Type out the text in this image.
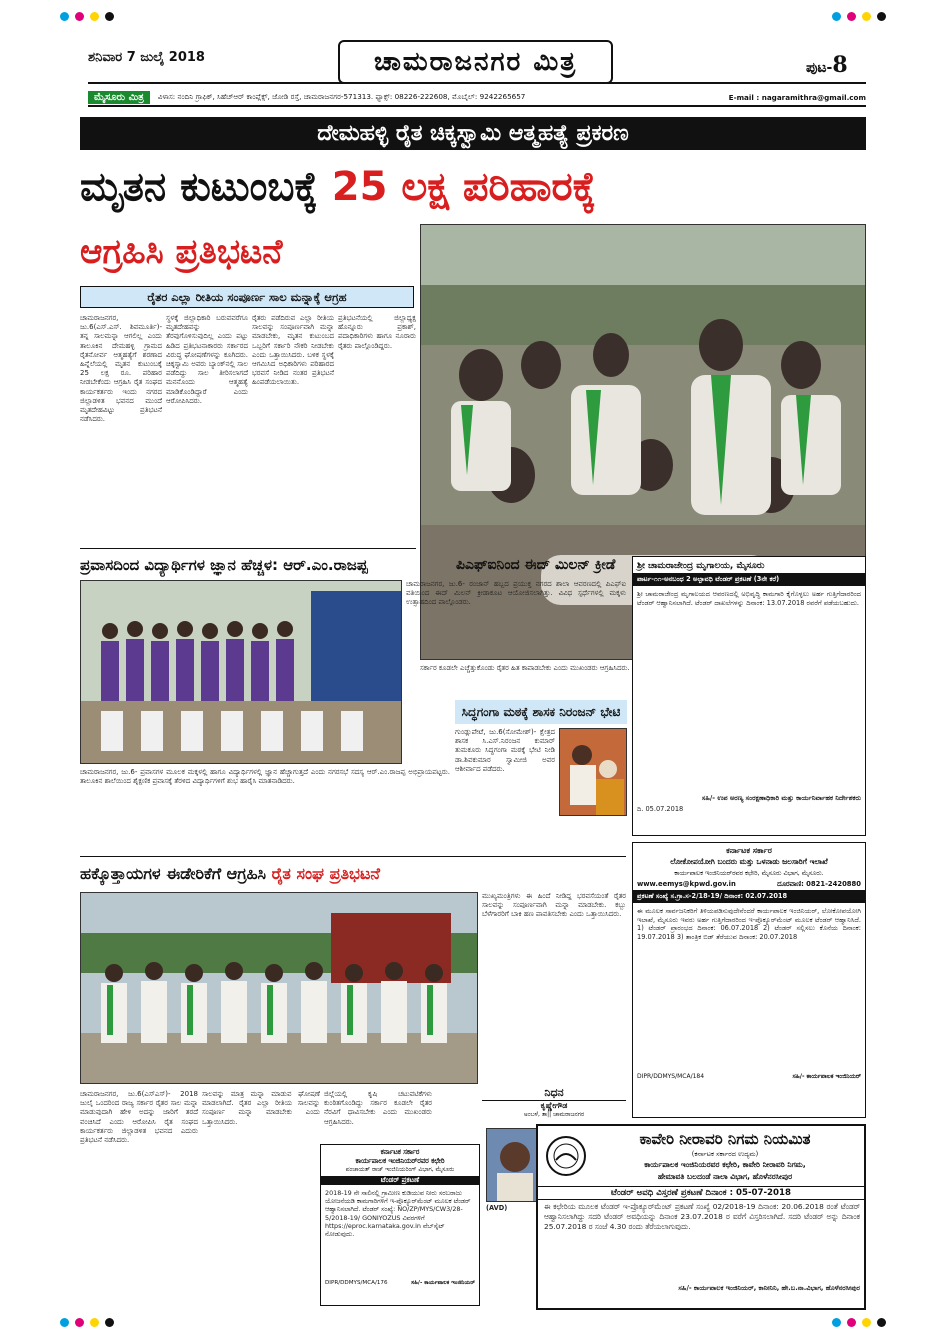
ಶನಿವಾರ 7 ಜುಲೈ 2018	ಚಾಮರಾಜನಗರ ಮಿತ್ರ	ಪುಟ-8
ಮೈಸೂರು ಮಿತ್ರ	ವಿಳಾಸ: ನಂದಿನಿ ಗ್ರಾಫಿಕ್, ಸಿಹೆಚ್‌ಆರ್ ಕಾಂಪ್ಲೆಕ್ಸ್, ಜೋಡಿ ರಸ್ತೆ, ಚಾಮರಾಜನಗರ-571313. ಫ್ಯಾಕ್ಸ್: 08226-222608, ಮೊಬೈಲ್: 9242265657	E-mail : nagaramithra@gmail.com
ದೇಮಹಳ್ಳಿ ರೈತ ಚಿಕ್ಕಸ್ವಾಮಿ ಆತ್ಮಹತ್ಯೆ ಪ್ರಕರಣ
ಮೃತನ ಕುಟುಂಬಕ್ಕೆ 25 ಲಕ್ಷ ಪರಿಹಾರಕ್ಕೆ
ಆಗ್ರಹಿಸಿ ಪ್ರತಿಭಟನೆ
ರೈತರ ಎಲ್ಲಾ ರೀತಿಯ ಸಂಪೂರ್ಣ ಸಾಲ ಮನ್ನಾಕ್ಕೆ ಆಗ್ರಹ
ಚಾಮರಾಜನಗರ, ಜು.6(ಎಸ್.ಎಸ್. ಶಿವಮೂರ್ತಿ)- ತನ್ನ ಸಾಲಮನ್ನಾ ಆಗಲಿಲ್ಲ ಎಂದು ತಾಲೂಕಿನ ದೇಮಹಳ್ಳಿ ಗ್ರಾಮದ ರೈತನೋರ್ವ ಆತ್ಮಹತ್ಯೆಗೆ ಶರಣಾದ ಹಿನ್ನೆಲೆಯಲ್ಲಿ ಮೃತನ ಕುಟುಂಬಕ್ಕೆ 25 ಲಕ್ಷ ರೂ. ಪರಿಹಾರ ನೀಡಬೇಕೆಂದು ಆಗ್ರಹಿಸಿ ರೈತ ಸಂಘದ ಕಾರ್ಯಕರ್ತರು ಇಂದು ನಗರದ ಜಿಲ್ಲಾಡಳಿತ ಭವನದ ಮುಂದೆ ಮೃತದೇಹವಿಟ್ಟು ಪ್ರತಿಭಟನೆ ನಡೆಸಿದರು.
ಸ್ಥಳಕ್ಕೆ ಜಿಲ್ಲಾಧಿಕಾರಿ ಬರುವವರೆಗೂ ಮೃತದೇಹವನ್ನು ತೆರವುಗೊಳಿಸುವುದಿಲ್ಲ ಎಂದು ಪಟ್ಟು ಹಿಡಿದ ಪ್ರತಿಭಟನಾಕಾರರು ಸರ್ಕಾರದ ವಿರುದ್ಧ ಘೋಷಣೆಗಳನ್ನು ಕೂಗಿದರು. ಚಿಕ್ಕಸ್ವಾಮಿ ಅವರು ಬ್ಯಾಂಕ್‌ನಲ್ಲಿ ಸಾಲ ಪಡೆದಿದ್ದು ಸಾಲ ತೀರಿಸಲಾಗದೆ ಮನನೊಂದು ಆತ್ಮಹತ್ಯೆ ಮಾಡಿಕೊಂಡಿದ್ದಾರೆ ಎಂದು ಆರೋಪಿಸಿದರು.
ರೈತರು ಪಡೆದಿರುವ ಎಲ್ಲಾ ರೀತಿಯ ಸಾಲವನ್ನು ಸಂಪೂರ್ಣವಾಗಿ ಮನ್ನಾ ಮಾಡಬೇಕು, ಮೃತನ ಕುಟುಂಬದ ಒಬ್ಬರಿಗೆ ಸರ್ಕಾರಿ ನೌಕರಿ ನೀಡಬೇಕು ಎಂದು ಒತ್ತಾಯಿಸಿದರು. ಬಳಿಕ ಸ್ಥಳಕ್ಕೆ ಆಗಮಿಸಿದ ಅಧಿಕಾರಿಗಳು ಪರಿಹಾರದ ಭರವಸೆ ನೀಡಿದ ನಂತರ ಪ್ರತಿಭಟನೆ ಹಿಂಪಡೆಯಲಾಯಿತು.
ಪ್ರತಿಭಟನೆಯಲ್ಲಿ ಜಿಲ್ಲಾಧ್ಯಕ್ಷ ಹೊನ್ನೂರು ಪ್ರಕಾಶ್, ಪದಾಧಿಕಾರಿಗಳು ಹಾಗೂ ನೂರಾರು ರೈತರು ಪಾಲ್ಗೊಂಡಿದ್ದರು.
ಸರ್ಕಾರ ಕೂಡಲೇ ಎಚ್ಚೆತ್ತುಕೊಂಡು ರೈತರ ಹಿತ ಕಾಪಾಡಬೇಕು ಎಂದು ಮುಖಂಡರು ಆಗ್ರಹಿಸಿದರು.
ಪ್ರವಾಸದಿಂದ ವಿದ್ಯಾರ್ಥಿಗಳ ಜ್ಞಾನ ಹೆಚ್ಚಳ: ಆರ್.ಎಂ.ರಾಜಪ್ಪ	ಪಿಎಫ್‌ಐನಿಂದ ಈದ್ ಮಿಲನ್ ಕ್ರೀಡೆ
ಚಾಮರಾಜನಗರ, ಜು.6- ಪ್ರವಾಸಗಳ ಮೂಲಕ ಮಕ್ಕಳಲ್ಲಿ ಹಾಗೂ ವಿದ್ಯಾರ್ಥಿಗಳಲ್ಲಿ ಜ್ಞಾನ ಹೆಚ್ಚಾಗುತ್ತದೆ ಎಂದು ನಗರಸಭೆ ಸದಸ್ಯ ಆರ್.ಎಂ.ರಾಜಪ್ಪ ಅಭಿಪ್ರಾಯಪಟ್ಟರು. ತಾಲೂಕಿನ ಶಾಲೆಯಿಂದ ಶೈಕ್ಷಣಿಕ ಪ್ರವಾಸಕ್ಕೆ ತೆರಳಿದ ವಿದ್ಯಾರ್ಥಿಗಳಿಗೆ ಶುಭ ಹಾರೈಸಿ ಮಾತನಾಡಿದರು.
ಚಾಮರಾಜನಗರ, ಜು.6- ರಂಜಾನ್ ಹಬ್ಬದ ಪ್ರಯುಕ್ತ ನಗರದ ಶಾಲಾ ಆವರಣದಲ್ಲಿ ಪಿಎಫ್‌ಐ ವತಿಯಿಂದ ಈದ್ ಮಿಲನ್ ಕ್ರೀಡಾಕೂಟ ಆಯೋಜಿಸಲಾಗಿತ್ತು. ವಿವಿಧ ಸ್ಪರ್ಧೆಗಳಲ್ಲಿ ಮಕ್ಕಳು ಉತ್ಸಾಹದಿಂದ ಪಾಲ್ಗೊಂಡರು.
ಸಿದ್ಧಗಂಗಾ ಮಠಕ್ಕೆ ಶಾಸಕ ನಿರಂಜನ್ ಭೇಟಿ
ಗುಂಡ್ಲುಪೇಟೆ, ಜು.6(ಸೋಮೇಶ್)- ಕ್ಷೇತ್ರದ ಶಾಸಕ ಸಿ.ಎಸ್.ನಿರಂಜನ ಕುಮಾರ್ ತುಮಕೂರು ಸಿದ್ಧಗಂಗಾ ಮಠಕ್ಕೆ ಭೇಟಿ ನೀಡಿ ಡಾ.ಶಿವಕುಮಾರ ಸ್ವಾಮೀಜಿ ಅವರ ಆಶೀರ್ವಾದ ಪಡೆದರು.
ಶ್ರೀ ಚಾಮರಾಜೇಂದ್ರ ಮೃಗಾಲಯ, ಮೈಸೂರು
ಪಾರ್ಟ-೧೧-ಅನಬಂಧ 2 ಅಲ್ಪಾವಧಿ ಟೆಂಡರ್ ಪ್ರಕಟಣೆ (3ನೇ ಕರೆ)
ಶ್ರೀ ಚಾಮರಾಜೇಂದ್ರ ಮೃಗಾಲಯದ ಆವರಣದಲ್ಲಿ ಅಭಿವೃದ್ಧಿ ಕಾಮಗಾರಿ ಕೈಗೊಳ್ಳಲು ಅರ್ಹ ಗುತ್ತಿಗೆದಾರರಿಂದ ಟೆಂಡರ್ ಆಹ್ವಾನಿಸಲಾಗಿದೆ. ಟೆಂಡರ್ ದಾಖಲೆಗಳನ್ನು ದಿನಾಂಕ: 13.07.2018 ರವರೆಗೆ ಪಡೆಯಬಹುದು.
ಸಹಿ/- ಉಪ ಅರಣ್ಯ ಸಂರಕ್ಷಣಾಧಿಕಾರಿ ಮತ್ತು ಕಾರ್ಯನಿರ್ವಾಹಕ ನಿರ್ದೇಶಕರು
ದಿ. 05.07.2018
ಕರ್ನಾಟಕ ಸರ್ಕಾರ
ಲೋಕೋಪಯೋಗಿ ಬಂದರು ಮತ್ತು ಒಳನಾಡು ಜಲಸಾರಿಗೆ ಇಲಾಖೆ
ಕಾರ್ಯಪಾಲಕ ಇಂಜಿನಿಯರ್‌ರವರ ಕಛೇರಿ, ಮೈಸೂರು ವಿಭಾಗ, ಮೈಸೂರು.
www.eemys@kpwd.gov.in	ದೂರವಾಣಿ: 0821-2420880
ಪ್ರಕಟಣೆ ಸಂಖ್ಯೆ ಸ.ಗ್ರಾ.ಸ-2/18-19/ ದಿನಾಂಕ: 02.07.2018
ಈ ಮೂಲಕ ಸಾರ್ವಜನಿಕರಿಗೆ ತಿಳಿಯಪಡಿಸುವುದೇನೆಂದರೆ ಕಾರ್ಯಪಾಲಕ ಇಂಜಿನಿಯರ್, ಲೋಕೋಪಯೋಗಿ ಇಲಾಖೆ, ಮೈಸೂರು ಇವರು ಅರ್ಹ ಗುತ್ತಿಗೆದಾರರಿಂದ ಇ-ಪ್ರೊಕ್ಯೂರ್‌ಮೆಂಟ್ ಮೂಲಕ ಟೆಂಡರ್ ಆಹ್ವಾನಿಸಿದೆ. 1) ಟೆಂಡರ್ ಪ್ರಾರಂಭದ ದಿನಾಂಕ: 06.07.2018 2) ಟೆಂಡರ್ ಸಲ್ಲಿಸಲು ಕೊನೆಯ ದಿನಾಂಕ: 19.07.2018 3) ತಾಂತ್ರಿಕ ಬಿಡ್ ತೆರೆಯುವ ದಿನಾಂಕ: 20.07.2018
DIPR/DDMYS/MCA/184	ಸಹಿ/- ಕಾರ್ಯಪಾಲಕ ಇಂಜಿನಿಯರ್
ಹಕ್ಕೊತ್ತಾಯಗಳ ಈಡೇರಿಕೆಗೆ ಆಗ್ರಹಿಸಿ ರೈತ ಸಂಘ ಪ್ರತಿಭಟನೆ
ಮುಖ್ಯಮಂತ್ರಿಗಳು ಈ ಹಿಂದೆ ನೀಡಿದ್ದ ಭರವಸೆಯಂತೆ ರೈತರ ಸಾಲವನ್ನು ಸಂಪೂರ್ಣವಾಗಿ ಮನ್ನಾ ಮಾಡಬೇಕು. ಕಬ್ಬು ಬೆಳೆಗಾರರಿಗೆ ಬಾಕಿ ಹಣ ಪಾವತಿಸಬೇಕು ಎಂದು ಒತ್ತಾಯಿಸಿದರು.
ಚಾಮರಾಜನಗರ, ಜು.6(ಎಸ್‌ಎಸ್)- 2018 ಜುಲೈ ಒಂದರಿಂದ ರಾಜ್ಯ ಸರ್ಕಾರ ರೈತರ ಸಾಲ ಮನ್ನಾ ಮಾಡುವುದಾಗಿ ಹೇಳಿ ಅದನ್ನು ಜಾರಿಗೆ ತರದೆ ವಂಚಿಸಿದೆ ಎಂದು ಆರೋಪಿಸಿ ರೈತ ಸಂಘದ ಕಾರ್ಯಕರ್ತರು ಜಿಲ್ಲಾಡಳಿತ ಭವನದ ಎದುರು ಪ್ರತಿಭಟನೆ ನಡೆಸಿದರು.
ಸಾಲವನ್ನು ಮಾತ್ರ ಮನ್ನಾ ಮಾಡುವ ಘೋಷಣೆ ಮಾಡಲಾಗಿದೆ. ರೈತರ ಎಲ್ಲಾ ರೀತಿಯ ಸಾಲವನ್ನು ಸಂಪೂರ್ಣ ಮನ್ನಾ ಮಾಡಬೇಕು ಎಂದು ಒತ್ತಾಯಿಸಿದರು.
ಜಿಲ್ಲೆಯಲ್ಲಿ ಕೃಷಿ ಚಟುವಟಿಕೆಗಳು ಕುಂಠಿತಗೊಂಡಿದ್ದು ಸರ್ಕಾರ ಕೂಡಲೇ ರೈತರ ನೆರವಿಗೆ ಧಾವಿಸಬೇಕು ಎಂದು ಮುಖಂಡರು ಆಗ್ರಹಿಸಿದರು.
ನಿಧನ
ಕೃಷ್ಣೇಗೌಡ
ಅಂಬಳೆ, ತಾ|| ಚಾಮರಾಜನಗರ
(AVD)
ಕರ್ನಾಟಕ ಸರ್ಕಾರ
ಕಾರ್ಯಪಾಲಕ ಇಂಜಿನಿಯರ್‌ರವರ ಕಛೇರಿ
ಪಂಚಾಯತ್ ರಾಜ್ ಇಂಜಿನಿಯರಿಂಗ್ ವಿಭಾಗ, ಮೈಸೂರು
ಟೆಂಡರ್ ಪ್ರಕಟಣೆ
2018-19 ನೇ ಸಾಲಿನಲ್ಲಿ ಗ್ರಾಮೀಣ ಕುಡಿಯುವ ನೀರು ಸರಬರಾಜು ಯೋಜನೆಯಡಿ ಕಾಮಗಾರಿಗಳಿಗೆ ಇ-ಪ್ರೊಕ್ಯೂರ್‌ಮೆಂಟ್ ಮೂಲಕ ಟೆಂಡರ್ ಆಹ್ವಾನಿಸಲಾಗಿದೆ. ಟೆಂಡರ್ ಸಂಖ್ಯೆ: NO/ZP/MYS/CW3/28-5/2018-19/ GONIYOZUS ವಿವರಗಳಿಗೆ https://eproc.karnataka.gov.in ವೆಬ್‌ಸೈಟ್ ನೋಡುವುದು.
DIPR/DDMYS/MCA/176	ಸಹಿ/- ಕಾರ್ಯಪಾಲಕ ಇಂಜಿನಿಯರ್
ಕಾವೇರಿ ನೀರಾವರಿ ನಿಗಮ ನಿಯಮಿತ
(ಕರ್ನಾಟಕ ಸರ್ಕಾರದ ಉದ್ಯಮ)
ಕಾರ್ಯಪಾಲಕ ಇಂಜಿನಿಯರವರ ಕಛೇರಿ, ಕಾವೇರಿ ನೀರಾವರಿ ನಿಗಮ,
ಹೇಮಾವತಿ ಬಲದಂಡೆ ನಾಲಾ ವಿಭಾಗ, ಹೊಳೆನರಸೀಪುರ
ಟೆಂಡರ್ ಅವಧಿ ವಿಸ್ತರಣೆ ಪ್ರಕಟಣೆ ದಿನಾಂಕ : 05-07-2018
ಈ ಕಛೇರಿಯ ಮೂಲಕ ಟೆಂಡರ್ ಇ-ಪ್ರೊಕ್ಯೂರ್‌ಮೆಂಟ್ ಪ್ರಕಟಣೆ ಸಂಖ್ಯೆ 02/2018-19 ದಿನಾಂಕ: 20.06.2018 ರಂತೆ ಟೆಂಡರ್ ಆಹ್ವಾನಿಸಲಾಗಿದ್ದು ಸದರಿ ಟೆಂಡರ್ ಅವಧಿಯನ್ನು ದಿನಾಂಕ 23.07.2018 ರ ವರೆಗೆ ವಿಸ್ತರಿಸಲಾಗಿದೆ. ಸದರಿ ಟೆಂಡರ್ ಅನ್ನು ದಿನಾಂಕ 25.07.2018 ರ ಸಂಜೆ 4.30 ರಂದು ತೆರೆಯಲಾಗುವುದು.
ಸಹಿ/- ಕಾರ್ಯಪಾಲಕ ಇಂಜಿನಿಯರ್, ಕಾನೀನಿನಿ, ಹೇ.ಬ.ನಾ.ವಿಭಾಗ, ಹೊಳೆನರಸೀಪುರ
